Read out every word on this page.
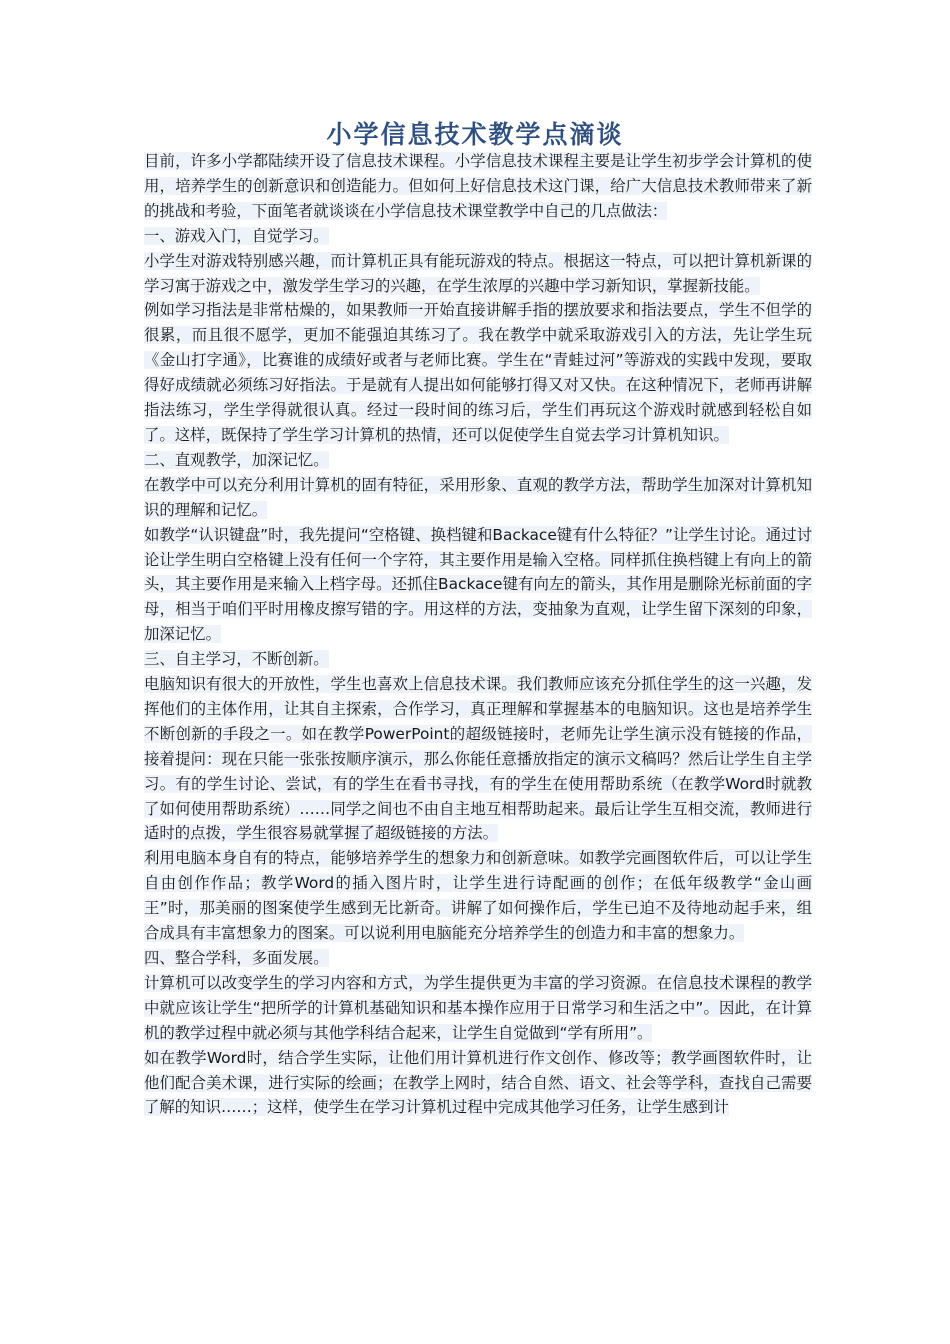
小学信息技术教学点滴谈

目前，许多小学都陆续开设了信息技术课程。小学信息技术课程主要是让学生初步学会计算机的使用，培养学生的创新意识和创造能力。但如何上好信息技术这门课，给广大信息技术教师带来了新的挑战和考验，下面笔者就谈谈在小学信息技术课堂教学中自己的几点做法：

一、游戏入门，自觉学习。

小学生对游戏特别感兴趣，而计算机正具有能玩游戏的特点。根据这一特点，可以把计算机新课的学习寓于游戏之中，激发学生学习的兴趣，在学生浓厚的兴趣中学习新知识，掌握新技能。

例如学习指法是非常枯燥的，如果教师一开始直接讲解手指的摆放要求和指法要点，学生不但学的很累，而且很不愿学，更加不能强迫其练习了。我在教学中就采取游戏引入的方法，先让学生玩《金山打字通》，比赛谁的成绩好或者与老师比赛。学生在“青蛙过河”等游戏的实践中发现，要取得好成绩就必须练习好指法。于是就有人提出如何能够打得又对又快。在这种情况下，老师再讲解指法练习，学生学得就很认真。经过一段时间的练习后，学生们再玩这个游戏时就感到轻松自如了。这样，既保持了学生学习计算机的热情，还可以促使学生自觉去学习计算机知识。

二、直观教学，加深记忆。

在教学中可以充分利用计算机的固有特征，采用形象、直观的教学方法，帮助学生加深对计算机知识的理解和记忆。

如教学“认识键盘”时，我先提问“空格键、换档键和Backace键有什么特征？”让学生讨论。通过讨论让学生明白空格键上没有任何一个字符，其主要作用是输入空格。同样抓住换档键上有向上的箭头，其主要作用是来输入上档字母。还抓住Backace键有向左的箭头，其作用是删除光标前面的字母，相当于咱们平时用橡皮擦写错的字。用这样的方法，变抽象为直观，让学生留下深刻的印象，加深记忆。

三、自主学习，不断创新。

电脑知识有很大的开放性，学生也喜欢上信息技术课。我们教师应该充分抓住学生的这一兴趣，发挥他们的主体作用，让其自主探索，合作学习，真正理解和掌握基本的电脑知识。这也是培养学生不断创新的手段之一。如在教学PowerPoint的超级链接时，老师先让学生演示没有链接的作品，接着提问：现在只能一张张按顺序演示，那么你能任意播放指定的演示文稿吗？然后让学生自主学习。有的学生讨论、尝试，有的学生在看书寻找，有的学生在使用帮助系统（在教学Word时就教了如何使用帮助系统）……同学之间也不由自主地互相帮助起来。最后让学生互相交流，教师进行适时的点拨，学生很容易就掌握了超级链接的方法。

利用电脑本身自有的特点，能够培养学生的想象力和创新意味。如教学完画图软件后，可以让学生自由创作作品；教学Word的插入图片时，让学生进行诗配画的创作；在低年级教学“金山画王”时，那美丽的图案使学生感到无比新奇。讲解了如何操作后，学生已迫不及待地动起手来，组合成具有丰富想象力的图案。可以说利用电脑能充分培养学生的创造力和丰富的想象力。

四、整合学科，多面发展。

计算机可以改变学生的学习内容和方式，为学生提供更为丰富的学习资源。在信息技术课程的教学中就应该让学生“把所学的计算机基础知识和基本操作应用于日常学习和生活之中”。因此，在计算机的教学过程中就必须与其他学科结合起来，让学生自觉做到“学有所用”。

如在教学Word时，结合学生实际，让他们用计算机进行作文创作、修改等；教学画图软件时，让他们配合美术课，进行实际的绘画；在教学上网时，结合自然、语文、社会等学科，查找自己需要了解的知识……；这样，使学生在学习计算机过程中完成其他学习任务，让学生感到计
